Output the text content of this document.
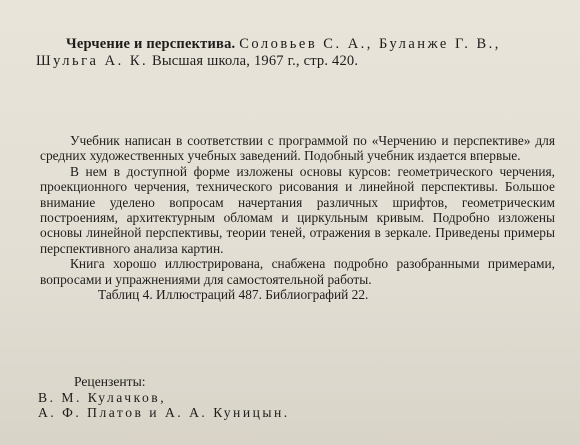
Черчение и перспектива. Соловьев С. А., Буланже Г. В.,
Шульга А. К. Высшая школа, 1967 г., стр. 420.

Учебник написан в соответствии с программой по «Черчению и перспективе» для средних художественных учебных заведений. Подобный учебник издается впервые.

В нем в доступной форме изложены основы курсов: геометрического черчения, проекционного черчения, технического рисования и линейной перспективы. Большое внимание уделено вопросам начертания различных шрифтов, геометрическим построениям, архитектурным обломам и циркульным кривым. Подробно изложены основы линейной перспективы, теории теней, отражения в зеркале. Приведены примеры перспективного анализа картин.

Книга хорошо иллюстрирована, снабжена подробно разобранными примерами, вопросами и упражнениями для самостоятельной работы.

Таблиц 4. Иллюстраций 487. Библиографий 22.
Рецензенты:
В. М. Кулачков,
А. Ф. Платов и А. А. Куницын.
